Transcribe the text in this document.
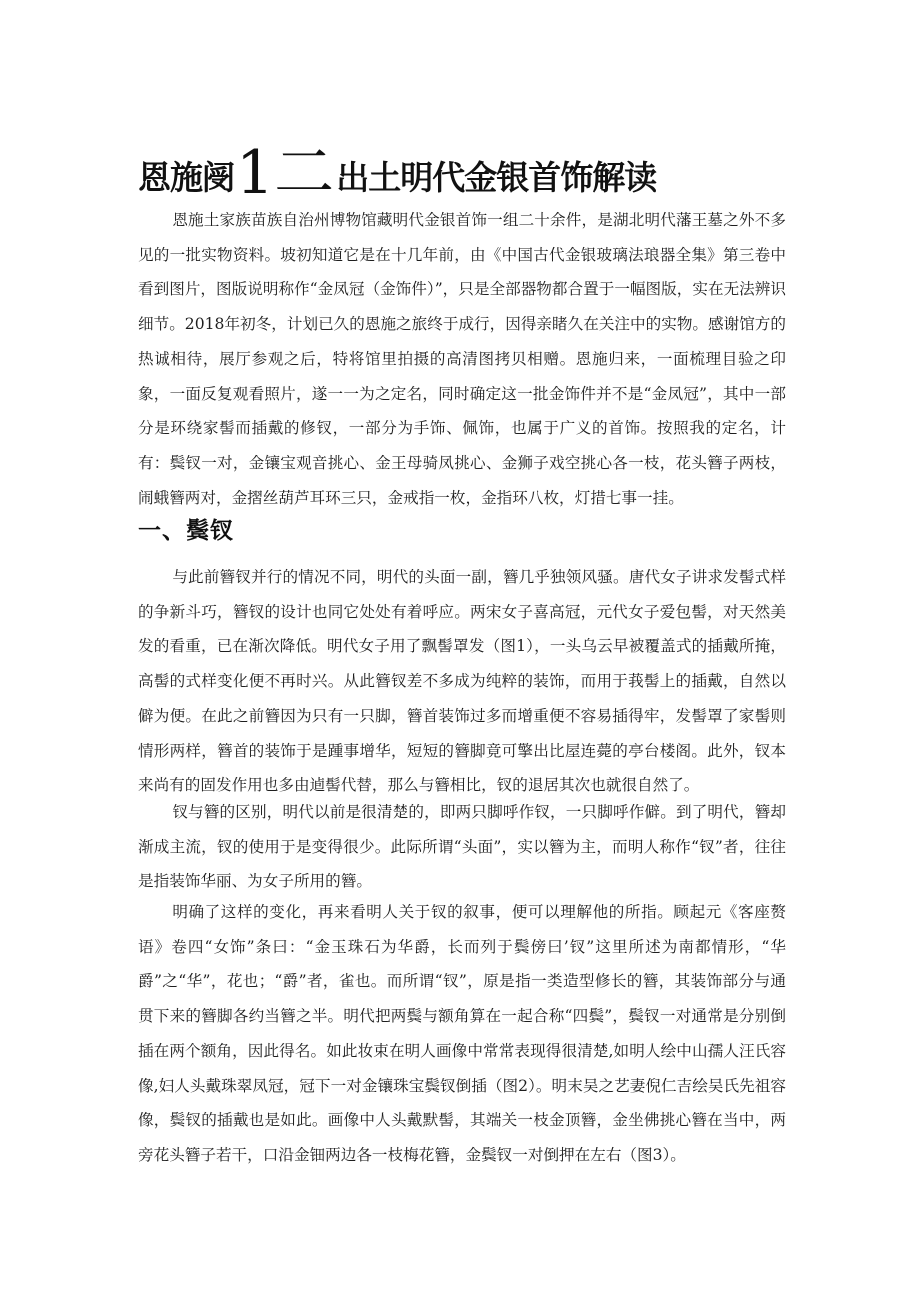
恩施阌1二出土明代金银首饰解读

恩施土家族苗族自治州博物馆藏明代金银首饰一组二十余件，是湖北明代藩王墓之外不多见的一批实物资料。坡初知道它是在十几年前，由《中国古代金银玻璃法琅器全集》第三卷中看到图片，图版说明称作“金凤冠（金饰件）”，只是全部器物都合置于一幅图版，实在无法辨识细节。2018年初冬，计划已久的恩施之旅终于成行，因得亲睹久在关注中的实物。感谢馆方的热诚相待，展厅参观之后，特将馆里拍摄的高清图拷贝相赠。恩施归来，一面梳理目验之印象，一面反复观看照片，遂一一为之定名，同时确定这一批金饰件并不是“金凤冠”，其中一部分是环绕家髻而插戴的修钗，一部分为手饰、佩饰，也属于广义的首饰。按照我的定名，计有：鬓钗一对，金镶宝观音挑心、金王母骑凤挑心、金狮子戏空挑心各一枝，花头簪子两枝，闹蛾簪两对，金摺丝葫芦耳环三只，金戒指一枚，金指环八枚，灯措七事一挂。

一、鬓钗

与此前簪钗并行的情况不同，明代的头面一副，簪几乎独领风骚。唐代女子讲求发髻式样的争新斗巧，簪钗的设计也同它处处有着呼应。两宋女子喜高冠，元代女子爱包髻，对天然美发的看重，已在渐次降低。明代女子用了飘髻罩发（图1），一头乌云早被覆盖式的插戴所掩，高髻的式样变化便不再时兴。从此簪钗差不多成为纯粹的装饰，而用于莪髻上的插戴，自然以僻为便。在此之前簪因为只有一只脚，簪首装饰过多而增重便不容易插得牢，发髻罩了家髻则情形两样，簪首的装饰于是踵事增华，短短的簪脚竟可擎出比屋连薨的亭台楼阁。此外，钗本来尚有的固发作用也多由逌髻代替，那么与簪相比，钗的退居其次也就很自然了。

钗与簪的区别，明代以前是很清楚的，即两只脚呼作钗，一只脚呼作僻。到了明代，簪却渐成主流，钗的使用于是变得很少。此际所谓“头面”，实以簪为主，而明人称作“钗”者，往往是指装饰华丽、为女子所用的簪。

明确了这样的变化，再来看明人关于钗的叙事，便可以理解他的所指。顾起元《客座赘语》卷四“女饰”条曰：“金玉珠石为华爵，长而列于鬓傍曰’钗”这里所述为南都情形，“华爵”之“华”，花也；“爵”者，雀也。而所谓“钗”，原是指一类造型修长的簪，其装饰部分与通贯下来的簪脚各约当簪之半。明代把两鬓与额角算在一起合称“四鬓”，鬓钗一对通常是分别倒插在两个额角，因此得名。如此妆束在明人画像中常常表现得很清楚,如明人绘中山孺人汪氏容像,妇人头戴珠翠凤冠，冠下一对金镶珠宝鬓钗倒插（图2）。明末吴之艺妻倪仁吉绘吴氏先祖容像，鬓钗的插戴也是如此。画像中人头戴默髻，其端关一枝金顶簪，金坐佛挑心簪在当中，两旁花头簪子若干，口沿金钿两边各一枝梅花簪，金鬓钗一对倒押在左右（图3）。
